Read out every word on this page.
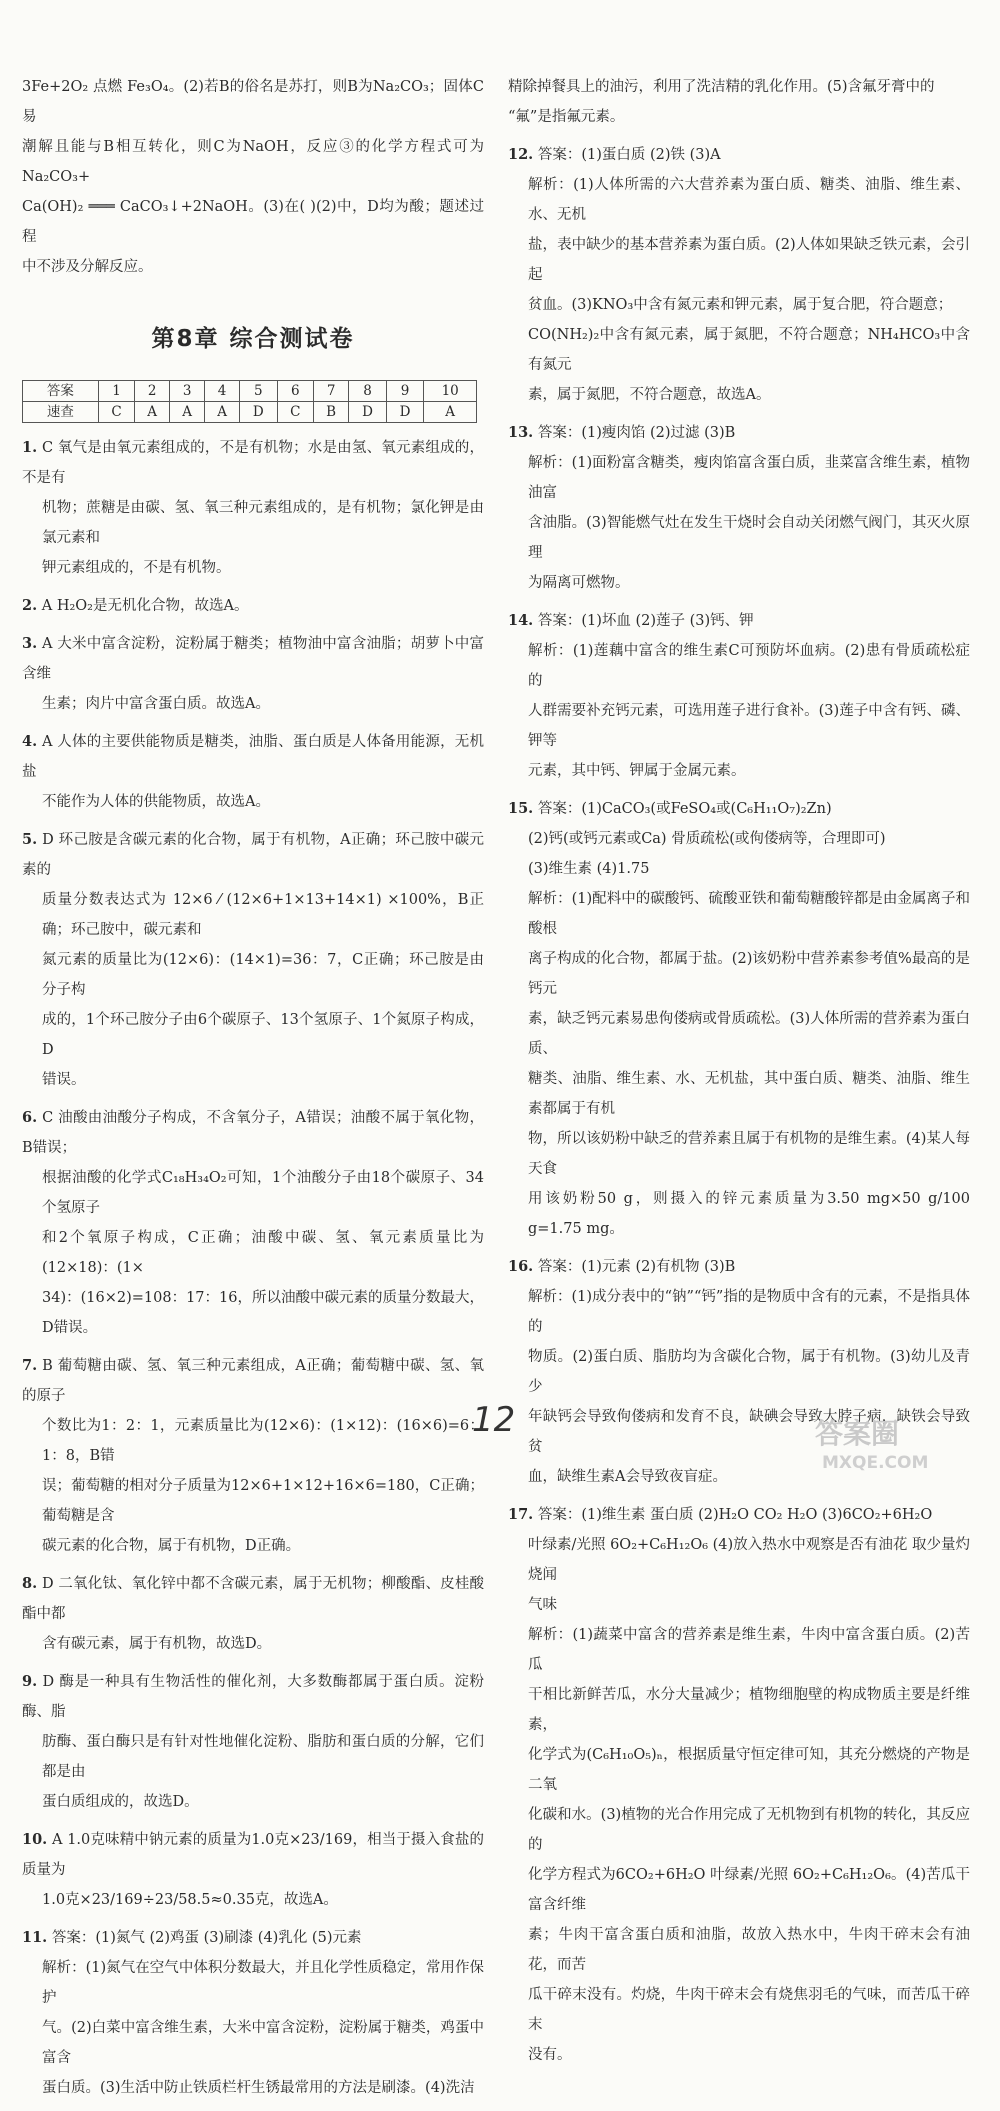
3Fe+2O₂ 点燃 Fe₃O₄。(2)若B的俗名是苏打，则B为Na₂CO₃；固体C易

潮解且能与B相互转化，则C为NaOH，反应③的化学方程式可为Na₂CO₃+

Ca(OH)₂ ═══ CaCO₃↓+2NaOH。(3)在( )(2)中，D均为酸；题述过程

中不涉及分解反应。

第8章 综合测试卷
答案	1	2	3	4	5	6	7	8	9	10
速查	C	A	A	A	D	C	B	D	D	A

1. C 氧气是由氧元素组成的，不是有机物；水是由氢、氧元素组成的，不是有

机物；蔗糖是由碳、氢、氧三种元素组成的，是有机物；氯化钾是由氯元素和

钾元素组成的，不是有机物。

2. A H₂O₂是无机化合物，故选A。

3. A 大米中富含淀粉，淀粉属于糖类；植物油中富含油脂；胡萝卜中富含维

生素；肉片中富含蛋白质。故选A。

4. A 人体的主要供能物质是糖类，油脂、蛋白质是人体备用能源，无机盐

不能作为人体的供能物质，故选A。

5. D 环己胺是含碳元素的化合物，属于有机物，A正确；环己胺中碳元素的

质量分数表达式为 12×6 ⁄ (12×6+1×13+14×1) ×100%，B正确；环己胺中，碳元素和

氮元素的质量比为(12×6)：(14×1)=36：7，C正确；环己胺是由分子构

成的，1个环己胺分子由6个碳原子、13个氢原子、1个氮原子构成，D

错误。

6. C 油酸由油酸分子构成，不含氧分子，A错误；油酸不属于氧化物，B错误；

根据油酸的化学式C₁₈H₃₄O₂可知，1个油酸分子由18个碳原子、34个氢原子

和2个氧原子构成，C正确；油酸中碳、氢、氧元素质量比为(12×18)：(1×

34)：(16×2)=108：17：16，所以油酸中碳元素的质量分数最大，D错误。

7. B 葡萄糖由碳、氢、氧三种元素组成，A正确；葡萄糖中碳、氢、氧的原子

个数比为1：2：1，元素质量比为(12×6)：(1×12)：(16×6)=6：1：8，B错

误；葡萄糖的相对分子质量为12×6+1×12+16×6=180，C正确；葡萄糖是含

碳元素的化合物，属于有机物，D正确。

8. D 二氧化钛、氧化锌中都不含碳元素，属于无机物；柳酸酯、皮桂酸酯中都

含有碳元素，属于有机物，故选D。

9. D 酶是一种具有生物活性的催化剂，大多数酶都属于蛋白质。淀粉酶、脂

肪酶、蛋白酶只是有针对性地催化淀粉、脂肪和蛋白质的分解，它们都是由

蛋白质组成的，故选D。

10. A 1.0克味精中钠元素的质量为1.0克×23/169，相当于摄入食盐的质量为

1.0克×23/169÷23/58.5≈0.35克，故选A。

11. 答案：(1)氮气 (2)鸡蛋 (3)刷漆 (4)乳化 (5)元素

解析：(1)氮气在空气中体积分数最大，并且化学性质稳定，常用作保护

气。(2)白菜中富含维生素，大米中富含淀粉，淀粉属于糖类，鸡蛋中富含

蛋白质。(3)生活中防止铁质栏杆生锈最常用的方法是刷漆。(4)洗洁

精除掉餐具上的油污，利用了洗洁精的乳化作用。(5)含氟牙膏中的

“氟”是指氟元素。

12. 答案：(1)蛋白质 (2)铁 (3)A

解析：(1)人体所需的六大营养素为蛋白质、糖类、油脂、维生素、水、无机

盐，表中缺少的基本营养素为蛋白质。(2)人体如果缺乏铁元素，会引起

贫血。(3)KNO₃中含有氮元素和钾元素，属于复合肥，符合题意；

CO(NH₂)₂中含有氮元素，属于氮肥，不符合题意；NH₄HCO₃中含有氮元

素，属于氮肥，不符合题意，故选A。

13. 答案：(1)瘦肉馅 (2)过滤 (3)B

解析：(1)面粉富含糖类，瘦肉馅富含蛋白质，韭菜富含维生素，植物油富

含油脂。(3)智能燃气灶在发生干烧时会自动关闭燃气阀门，其灭火原理

为隔离可燃物。

14. 答案：(1)坏血 (2)莲子 (3)钙、钾

解析：(1)莲藕中富含的维生素C可预防坏血病。(2)患有骨质疏松症的

人群需要补充钙元素，可选用莲子进行食补。(3)莲子中含有钙、磷、钾等

元素，其中钙、钾属于金属元素。

15. 答案：(1)CaCO₃(或FeSO₄或(C₆H₁₁O₇)₂Zn)

(2)钙(或钙元素或Ca) 骨质疏松(或佝偻病等，合理即可)

(3)维生素 (4)1.75

解析：(1)配料中的碳酸钙、硫酸亚铁和葡萄糖酸锌都是由金属离子和酸根

离子构成的化合物，都属于盐。(2)该奶粉中营养素参考值%最高的是钙元

素，缺乏钙元素易患佝偻病或骨质疏松。(3)人体所需的营养素为蛋白质、

糖类、油脂、维生素、水、无机盐，其中蛋白质、糖类、油脂、维生素都属于有机

物，所以该奶粉中缺乏的营养素且属于有机物的是维生素。(4)某人每天食

用该奶粉50 g，则摄入的锌元素质量为3.50 mg×50 g/100 g=1.75 mg。

16. 答案：(1)元素 (2)有机物 (3)B

解析：(1)成分表中的“钠”“钙”指的是物质中含有的元素，不是指具体的

物质。(2)蛋白质、脂肪均为含碳化合物，属于有机物。(3)幼儿及青少

年缺钙会导致佝偻病和发育不良，缺碘会导致大脖子病，缺铁会导致贫

血，缺维生素A会导致夜盲症。

17. 答案：(1)维生素 蛋白质 (2)H₂O CO₂ H₂O (3)6CO₂+6H₂O

叶绿素/光照 6O₂+C₆H₁₂O₆ (4)放入热水中观察是否有油花 取少量灼烧闻

气味

解析：(1)蔬菜中富含的营养素是维生素，牛肉中富含蛋白质。(2)苦瓜

干相比新鲜苦瓜，水分大量减少；植物细胞壁的构成物质主要是纤维素，

化学式为(C₆H₁₀O₅)ₙ，根据质量守恒定律可知，其充分燃烧的产物是二氧

化碳和水。(3)植物的光合作用完成了无机物到有机物的转化，其反应的

化学方程式为6CO₂+6H₂O 叶绿素/光照 6O₂+C₆H₁₂O₆。(4)苦瓜干富含纤维

素；牛肉干富含蛋白质和油脂，故放入热水中，牛肉干碎末会有油花，而苦

瓜干碎末没有。灼烧，牛肉干碎末会有烧焦羽毛的气味，而苦瓜干碎末

没有。

12	答案圈
MXQE.COM
